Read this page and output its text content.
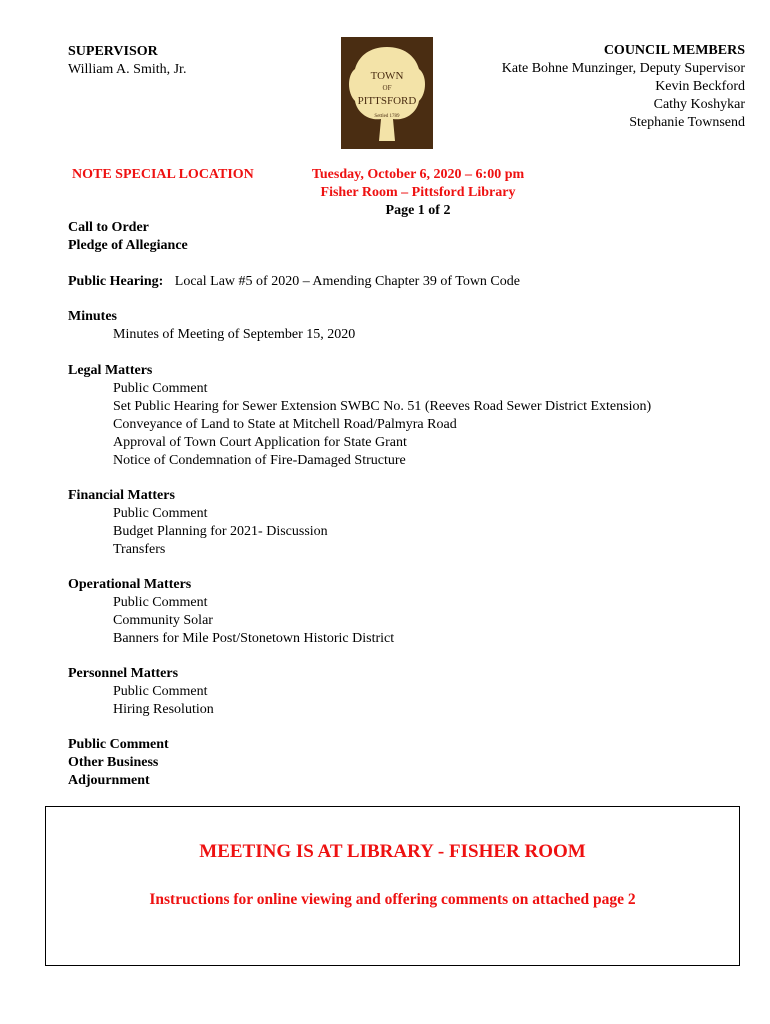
SUPERVISOR
William A. Smith, Jr.	TOWN
OF
PITTSFORD
Settled 1789
COUNCIL MEMBERS
Kate Bohne Munzinger, Deputy Supervisor
Kevin Beckford
Cathy Koshykar
Stephanie Townsend
NOTE SPECIAL LOCATION	Tuesday, October 6, 2020 – 6:00 pm
Fisher Room – Pittsford Library
Page 1 of 2
Call to Order
Pledge of Allegiance
Public Hearing: Local Law #5 of 2020 – Amending Chapter 39 of Town Code
Minutes
Minutes of Meeting of September 15, 2020
Legal Matters
Public Comment
Set Public Hearing for Sewer Extension SWBC No. 51 (Reeves Road Sewer District Extension)
Conveyance of Land to State at Mitchell Road/Palmyra Road
Approval of Town Court Application for State Grant
Notice of Condemnation of Fire-Damaged Structure
Financial Matters
Public Comment
Budget Planning for 2021- Discussion
Transfers
Operational Matters
Public Comment
Community Solar
Banners for Mile Post/Stonetown Historic District
Personnel Matters
Public Comment
Hiring Resolution
Public Comment
Other Business
Adjournment
MEETING IS AT LIBRARY - FISHER ROOM
Instructions for online viewing and offering comments on attached page 2
